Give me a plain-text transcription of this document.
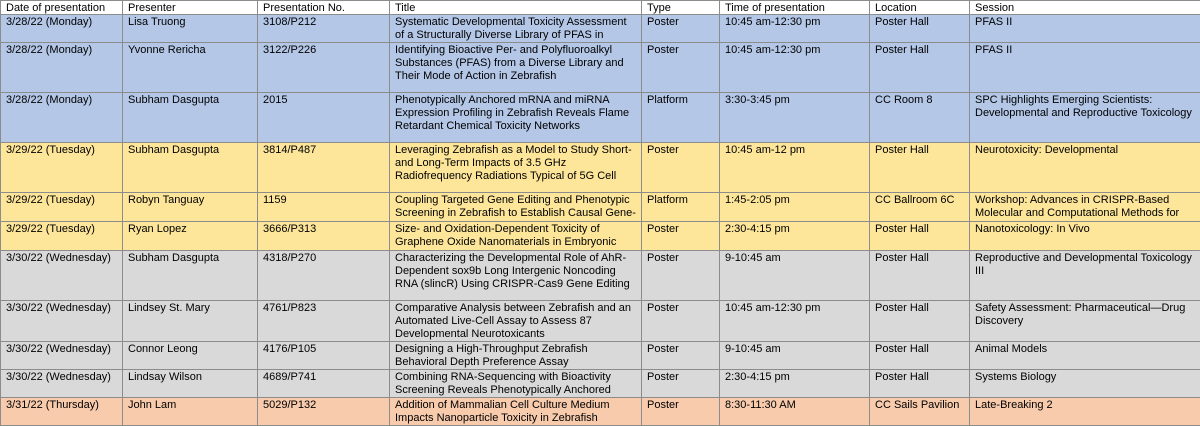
Date of presentation	Presenter	Presentation No.	Title	Type	Time of presentation	Location	Session

3/28/22 (Monday)	Lisa Truong	3108/P212	Systematic Developmental Toxicity Assessment of a Structurally Diverse Library of PFAS in	Poster	10:45 am-12:30 pm	Poster Hall	PFAS II

3/28/22 (Monday)	Yvonne Rericha	3122/P226	Identifying Bioactive Per- and Polyfluoroalkyl Substances (PFAS) from a Diverse Library and Their Mode of Action in Zebrafish	Poster	10:45 am-12:30 pm	Poster Hall	PFAS II

3/28/22 (Monday)	Subham Dasgupta	2015	Phenotypically Anchored mRNA and miRNA Expression Profiling in Zebrafish Reveals Flame Retardant Chemical Toxicity Networks	Platform	3:30-3:45 pm	CC Room 8	SPC Highlights Emerging Scientists: Developmental and Reproductive Toxicology

3/29/22 (Tuesday)	Subham Dasgupta	3814/P487	Leveraging Zebrafish as a Model to Study Short- and Long-Term Impacts of 3.5 GHz Radiofrequency Radiations Typical of 5G Cell	Poster	10:45 am-12 pm	Poster Hall	Neurotoxicity: Developmental

3/29/22 (Tuesday)	Robyn Tanguay	1159	Coupling Targeted Gene Editing and Phenotypic Screening in Zebrafish to Establish Causal Gene-	Platform	1:45-2:05 pm	CC Ballroom 6C	Workshop: Advances in CRISPR-Based Molecular and Computational Methods for

3/29/22 (Tuesday)	Ryan Lopez	3666/P313	Size- and Oxidation-Dependent Toxicity of Graphene Oxide Nanomaterials in Embryonic	Poster	2:30-4:15 pm	Poster Hall	Nanotoxicology: In Vivo

3/30/22 (Wednesday)	Subham Dasgupta	4318/P270	Characterizing the Developmental Role of AhR-Dependent sox9b Long Intergenic Noncoding RNA (slincR) Using CRISPR-Cas9 Gene Editing	Poster	9-10:45 am	Poster Hall	Reproductive and Developmental Toxicology III

3/30/22 (Wednesday)	Lindsey St. Mary	4761/P823	Comparative Analysis between Zebrafish and an Automated Live-Cell Assay to Assess 87 Developmental Neurotoxicants	Poster	10:45 am-12:30 pm	Poster Hall	Safety Assessment: Pharmaceutical—Drug Discovery

3/30/22 (Wednesday)	Connor Leong	4176/P105	Designing a High-Throughput Zebrafish Behavioral Depth Preference Assay	Poster	9-10:45 am	Poster Hall	Animal Models

3/30/22 (Wednesday)	Lindsay Wilson	4689/P741	Combining RNA-Sequencing with Bioactivity Screening Reveals Phenotypically Anchored	Poster	2:30-4:15 pm	Poster Hall	Systems Biology

3/31/22 (Thursday)	John Lam	5029/P132	Addition of Mammalian Cell Culture Medium Impacts Nanoparticle Toxicity in Zebrafish	Poster	8:30-11:30 AM	CC Sails Pavilion	Late-Breaking 2
